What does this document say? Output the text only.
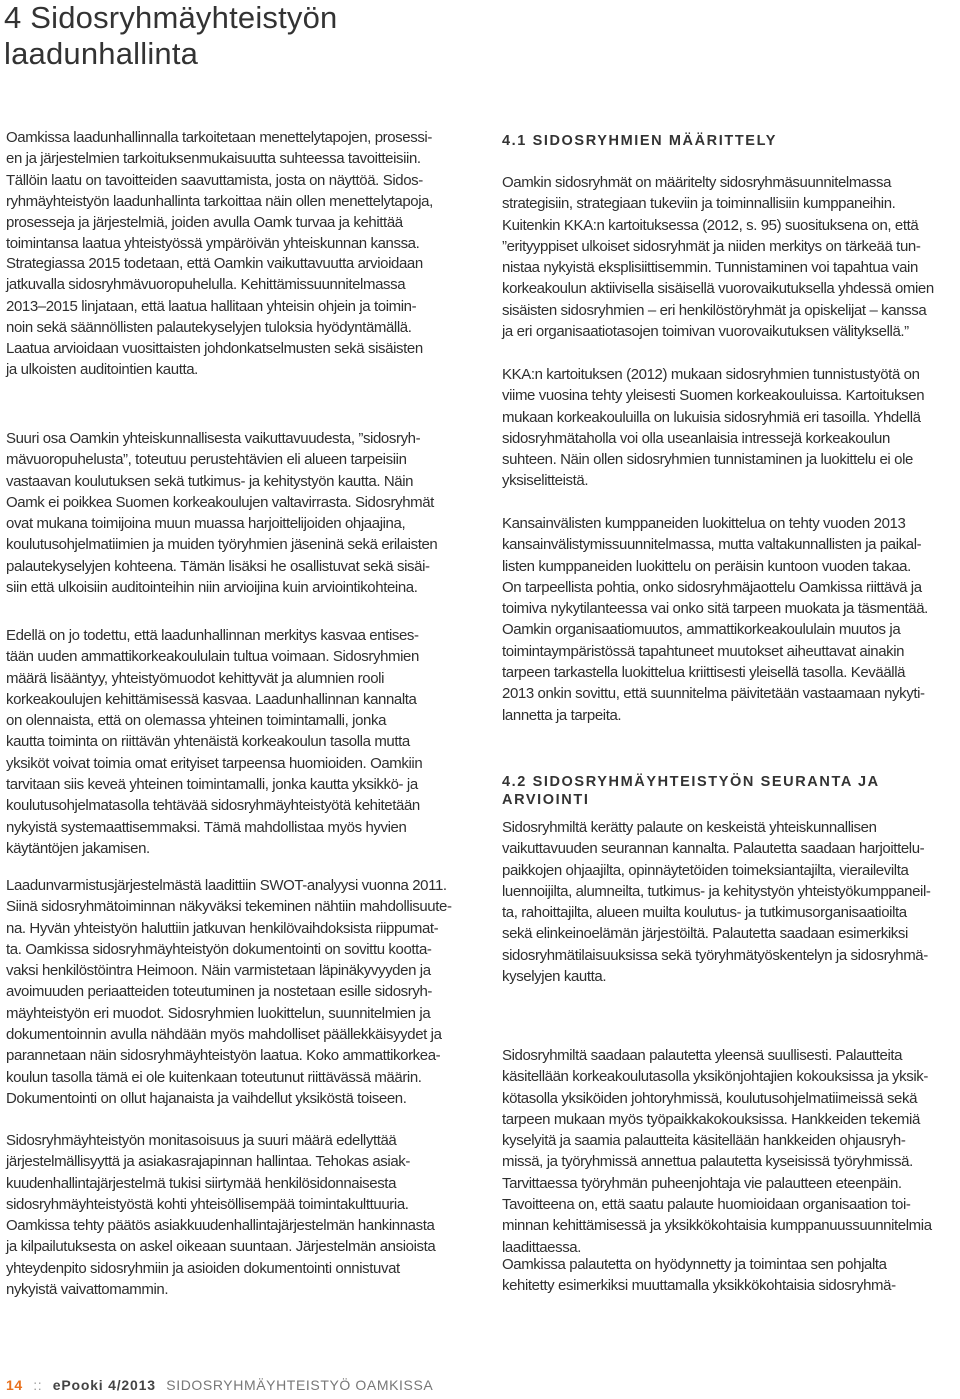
4 Sidosryhmäyhteistyön
laadunhallinta

Oamkissa laadunhallinnalla tarkoitetaan menettelytapojen, prosessi-
en ja järjestelmien tarkoituksenmukaisuutta suhteessa tavoitteisiin.
Tällöin laatu on tavoitteiden saavuttamista, josta on näyttöä. Sidos-
ryhmäyhteistyön laadunhallinta tarkoittaa näin ollen menettelytapoja,
prosesseja ja järjestelmiä, joiden avulla Oamk turvaa ja kehittää
toimintansa laatua yhteistyössä ympäröivän yhteiskunnan kanssa.

Strategiassa 2015 todetaan, että Oamkin vaikuttavuutta arvioidaan
jatkuvalla sidosryhmävuoropuhelulla. Kehittämissuunnitelmassa
2013–2015 linjataan, että laatua hallitaan yhteisin ohjein ja toimin-
noin sekä säännöllisten palautekyselyjen tuloksia hyödyntämällä.
Laatua arvioidaan vuosittaisten johdonkatselmusten sekä sisäisten
ja ulkoisten auditointien kautta.

Suuri osa Oamkin yhteiskunnallisesta vaikuttavuudesta, ”sidosryh-
mävuoropuhelusta”, toteutuu perustehtävien eli alueen tarpeisiin
vastaavan koulutuksen sekä tutkimus- ja kehitystyön kautta. Näin
Oamk ei poikkea Suomen korkeakoulujen valtavirrasta. Sidosryhmät
ovat mukana toimijoina muun muassa harjoittelijoiden ohjaajina,
koulutusohjelmatiimien ja muiden työryhmien jäseninä sekä erilaisten
palautekyselyjen kohteena. Tämän lisäksi he osallistuvat sekä sisäi-
siin että ulkoisiin auditointeihin niin arvioijina kuin arviointikohteina.

Edellä on jo todettu, että laadunhallinnan merkitys kasvaa entises-
tään uuden ammattikorkeakoululain tultua voimaan. Sidosryhmien
määrä lisääntyy, yhteistyömuodot kehittyvät ja alumnien rooli
korkeakoulujen kehittämisessä kasvaa. Laadunhallinnan kannalta
on olennaista, että on olemassa yhteinen toimintamalli, jonka
kautta toiminta on riittävän yhtenäistä korkeakoulun tasolla mutta
yksiköt voivat toimia omat erityiset tarpeensa huomioiden. Oamkiin
tarvitaan siis keveä yhteinen toimintamalli, jonka kautta yksikkö- ja
koulutusohjelmatasolla tehtävää sidosryhmäyhteistyötä kehitetään
nykyistä systemaattisemmaksi. Tämä mahdollistaa myös hyvien
käytäntöjen jakamisen.

Laadunvarmistusjärjestelmästä laadittiin SWOT-analyysi vuonna 2011.
Siinä sidosryhmätoiminnan näkyväksi tekeminen nähtiin mahdollisuute-
na. Hyvän yhteistyön haluttiin jatkuvan henkilövaihdoksista riippumat-
ta. Oamkissa sidosryhmäyhteistyön dokumentointi on sovittu koottа-
vaksi henkilöstöintra Heimoon. Näin varmistetaan läpinäkyvyyden ja
avoimuuden periaatteiden toteutuminen ja nostetaan esille sidosryh-
mäyhteistyön eri muodot. Sidosryhmien luokittelun, suunnitelmien ja
dokumentoinnin avulla nähdään myös mahdolliset päällekkäisyydet ja
parannetaan näin sidosryhmäyhteistyön laatua. Koko ammattikorkea-
koulun tasolla tämä ei ole kuitenkaan toteutunut riittävässä määrin.
Dokumentointi on ollut hajanaista ja vaihdellut yksiköstä toiseen.

Sidosryhmäyhteistyön monitasoisuus ja suuri määrä edellyttää
järjestelmällisyyttä ja asiakasrajapinnan hallintaa. Tehokas asiak-
kuudenhallintajärjestelmä tukisi siirtymää henkilösidonnaisesta
sidosryhmäyhteistyöstä kohti yhteisöllisempää toimintakulttuuria.
Oamkissa tehty päätös asiakkuudenhallintajärjestelmän hankinnasta
ja kilpailutuksesta on askel oikeaan suuntaan. Järjestelmän ansioista
yhteydenpito sidosryhmiin ja asioiden dokumentointi onnistuvat
nykyistä vaivattomammin.

4.1 SIDOSRYHMIEN MÄÄRITTELY

Oamkin sidosryhmät on määritelty sidosryhmäsuunnitelmassa
strategisiin, strategiaan tukeviin ja toiminnallisiin kumppaneihin.
Kuitenkin KKA:n kartoituksessa (2012, s. 95) suosituksena on, että
”erityyppiset ulkoiset sidosryhmät ja niiden merkitys on tärkeää tun-
nistaa nykyistä eksplisiittisemmin. Tunnistaminen voi tapahtua vain
korkeakoulun aktiivisella sisäisellä vuorovaikutuksella yhdessä omien
sisäisten sidosryhmien – eri henkilöstöryhmät ja opiskelijat – kanssa
ja eri organisaatiotasojen toimivan vuorovaikutuksen välityksellä.”

KKA:n kartoituksen (2012) mukaan sidosryhmien tunnistustyötä on
viime vuosina tehty yleisesti Suomen korkeakouluissa. Kartoituksen
mukaan korkeakouluilla on lukuisia sidosryhmiä eri tasoilla. Yhdellä
sidosryhmätaholla voi olla useanlaisia intressejä korkeakoulun
suhteen. Näin ollen sidosryhmien tunnistaminen ja luokittelu ei ole
yksiselitteistä.

Kansainvälisten kumppaneiden luokittelua on tehty vuoden 2013
kansainvälistymissuunnitelmassa, mutta valtakunnallisten ja paikal-
listen kumppaneiden luokittelu on peräisin kuntoon vuoden takaa.
On tarpeellista pohtia, onko sidosryhmäjaottelu Oamkissa riittävä ja
toimiva nykytilanteessa vai onko sitä tarpeen muokata ja täsmentää.
Oamkin organisaatiomuutos, ammattikorkeakoululain muutos ja
toimintaympäristössä tapahtuneet muutokset aiheuttavat ainakin
tarpeen tarkastella luokittelua kriittisesti yleisellä tasolla. Keväällä
2013 onkin sovittu, että suunnitelma päivitetään vastaamaan nykyti-
lannetta ja tarpeita.

4.2 SIDOSRYHMÄYHTEISTYÖN SEURANTA JA ARVIOINTI

Sidosryhmiltä kerätty palaute on keskeistä yhteiskunnallisen
vaikuttavuuden seurannan kannalta. Palautetta saadaan harjoittelu-
paikkojen ohjaajilta, opinnäytetöiden toimeksiantajilta, vierailevilta
luennoijilta, alumneilta, tutkimus- ja kehitystyön yhteistyökumppaneil-
ta, rahoittajilta, alueen muilta koulutus- ja tutkimusorganisaatioilta
sekä elinkeinoelämän järjestöiltä. Palautetta saadaan esimerkiksi
sidosryhmätilaisuuksissa sekä työryhmätyöskentelyn ja sidosryhmä-
kyselyjen kautta.

Sidosryhmiltä saadaan palautetta yleensä suullisesti. Palautteita
käsitellään korkeakoulutasolla yksikönjohtajien kokouksissa ja yksik-
kötasolla yksiköiden johtoryhmissä, koulutusohjelmatiimeissä sekä
tarpeen mukaan myös työpaikkakokouksissa. Hankkeiden tekemiä
kyselyitä ja saamia palautteita käsitellään hankkeiden ohjausryh-
missä, ja työryhmissä annettua palautetta kyseisissä työryhmissä.
Tarvittaessa työryhmän puheenjohtaja vie palautteen eteenpäin.
Tavoitteena on, että saatu palaute huomioidaan organisaation toi-
minnan kehittämisessä ja yksikkökohtaisia kumppanuussuunnitelmia
laadittaessa.

Oamkissa palautetta on hyödynnetty ja toimintaa sen pohjalta
kehitetty esimerkiksi muuttamalla yksikkökohtaisia sidosryhmä-

14 :: ePooki 4/2013 SIDOSRYHMÄYHTEISTYÖ OAMKISSA
